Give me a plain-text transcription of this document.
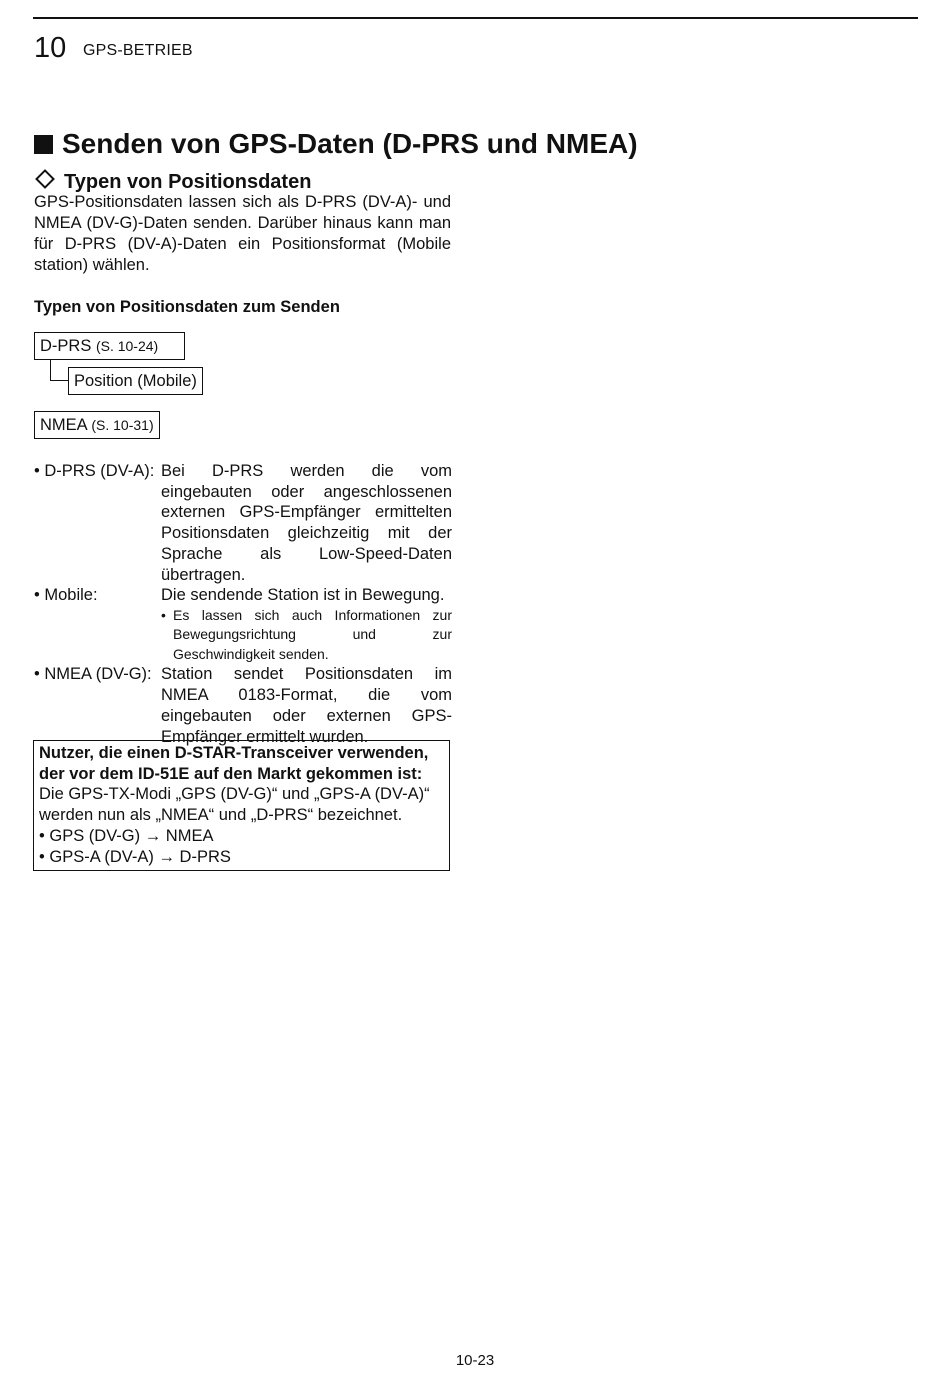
10 GPS-BETRIEB
Senden von GPS-Daten (D-PRS und NMEA)
Typen von Positionsdaten

GPS-Positionsdaten lassen sich als D-PRS (DV-A)- und NMEA (DV-G)-Daten senden. Darüber hinaus kann man für D-PRS (DV-A)-Daten ein Positionsformat (Mobile station) wählen.

Typen von Positionsdaten zum Senden
D-PRS (S. 10-24)
Position (Mobile)
NMEA (S. 10-31)
• D-PRS (DV-A): Bei D-PRS werden die vom eingebauten oder angeschlossenen externen GPS-Empfänger ermittelten Positionsdaten gleichzeitig mit der Sprache als Low-Speed-Daten übertragen.
• Mobile:	Die sendende Station ist in Bewegung.
• Es lassen sich auch Informationen zur Bewegungsrichtung und zur Geschwindigkeit senden.
• NMEA (DV-G): Station sendet Positionsdaten im NMEA 0183-Format, die vom eingebauten oder externen GPS-Empfänger ermittelt wurden.
Nutzer, die einen D-STAR-Transceiver verwenden, der vor dem ID-51E auf den Markt gekommen ist:
Die GPS-TX-Modi „GPS (DV-G)“ und „GPS-A (DV-A)“ werden nun als „NMEA“ und „D-PRS“ bezeichnet.
• GPS (DV-G) → NMEA
• GPS-A (DV-A) → D-PRS
10-23
